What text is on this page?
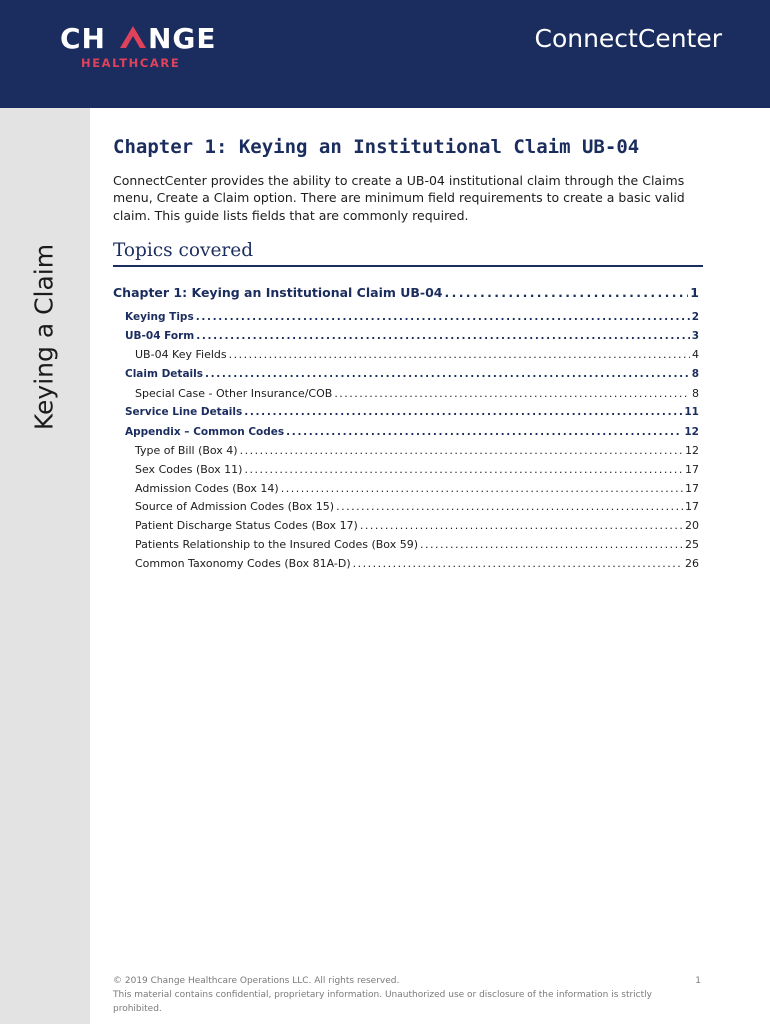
CH NGE
HEALTHCARE
ConnectCenter
Keying a Claim
Chapter 1: Keying an Institutional Claim UB-04

ConnectCenter provides the ability to create a UB-04 institutional claim through the Claims menu, Create a Claim option. There are minimum field requirements to create a basic valid claim. This guide lists fields that are commonly required.

Topics covered
Chapter 1: Keying an Institutional Claim UB-04 . . .	1
Keying Tips . . .	2
UB-04 Form . . .	3
UB-04 Key Fields . . .	4
Claim Details . . .	8
Special Case - Other Insurance/COB . . .	8
Service Line Details . . .	11
Appendix – Common Codes . . .	12
Type of Bill (Box 4) . . .	12
Sex Codes (Box 11) . . .	17
Admission Codes (Box 14) . . .	17
Source of Admission Codes (Box 15) . . .	17
Patient Discharge Status Codes (Box 17) . . .	20
Patients Relationship to the Insured Codes (Box 59) . . .	25
Common Taxonomy Codes (Box 81A-D) . . .	26
© 2019 Change Healthcare Operations LLC. All rights reserved.	1
This material contains confidential, proprietary information. Unauthorized use or disclosure of the information is strictly prohibited.
